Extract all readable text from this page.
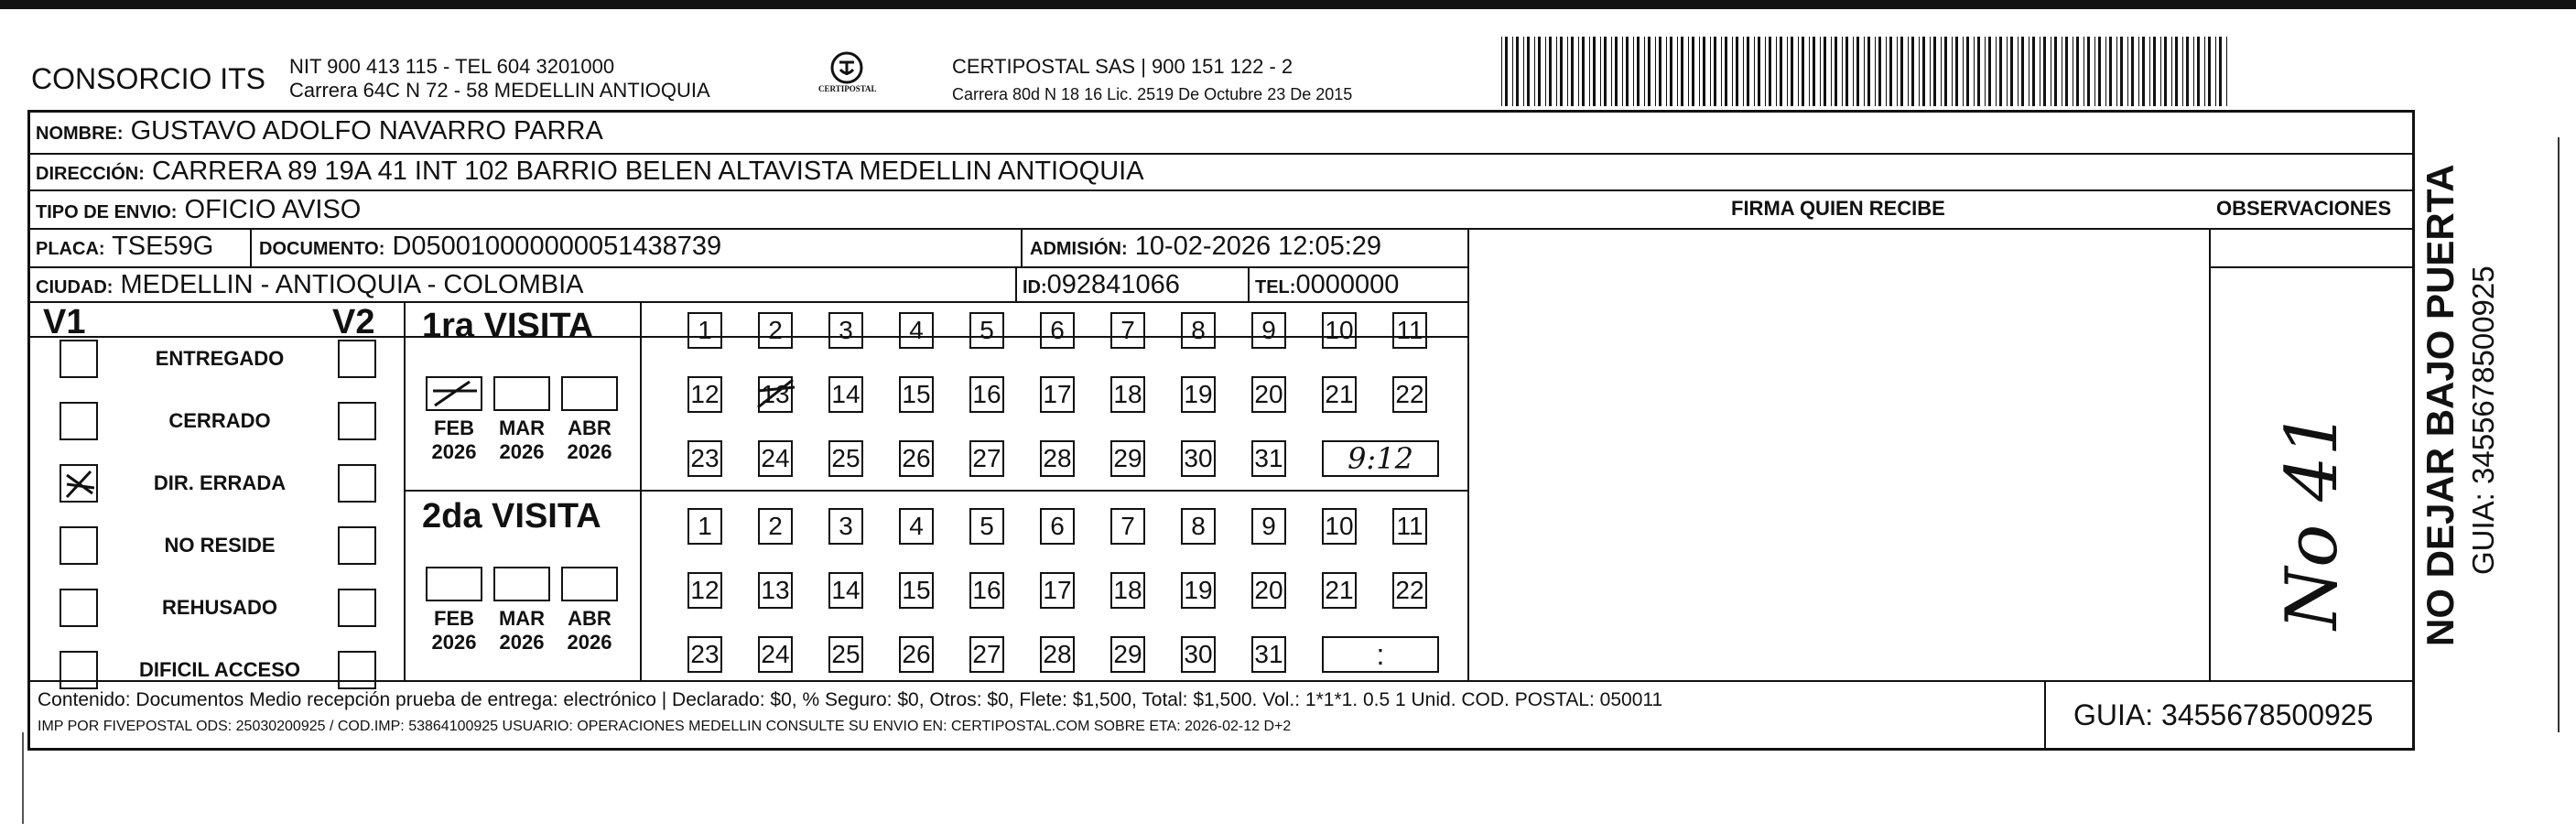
CONSORCIO ITS NIT 900 413 115 - TEL 604 3201000
Carrera 64C N 72 - 58 MEDELLIN ANTIOQUIA	CERTIPOSTAL
CERTIPOSTAL SAS | 900 151 122 - 2
Carrera 80d N 18 16 Lic. 2519 De Octubre 23 De 2015
NOMBRE: GUSTAVO ADOLFO NAVARRO PARRA
DIRECCIÓN: CARRERA 89 19A 41 INT 102 BARRIO BELEN ALTAVISTA MEDELLIN ANTIOQUIA
TIPO DE ENVIO: OFICIO AVISO
PLACA: TSE59G DOCUMENTO: D050010000000051438739	ADMISIÓN: 10-02-2026 12:05:29
CIUDAD: MEDELLIN - ANTIOQUIA - COLOMBIA	ID:092841066	TEL:0000000
FIRMA QUIEN RECIBE	OBSERVACIONES
V1	V2
ENTREGADO
CERRADO
DIR. ERRADA
NO RESIDE
REHUSADO
DIFICIL ACCESO
1ra VISITA
2da VISITA
FEB
2026
MAR
2026
ABR
2026
FEB
2026
MAR
2026
ABR
2026
1	2	3	4	5	6	7	8	9	10 11
12 13 14 15 16 17 18 19 20 21 22
23 24 25 26 27 28 29 30 31	9:12
1	2	3	4	5	6	7	8	9	10 11
12 13 14 15 16 17 18 19 20 21 22
23 24 25 26 27 28 29 30 31	:
No 41
Contenido: Documentos Medio recepción prueba de entrega: electrónico | Declarado: $0, % Seguro: $0, Otros: $0, Flete: $1,500, Total: $1,500. Vol.: 1*1*1. 0.5 1 Unid. COD. POSTAL: 050011
IMP POR FIVEPOSTAL ODS: 25030200925 / COD.IMP: 53864100925 USUARIO: OPERACIONES MEDELLIN CONSULTE SU ENVIO EN: CERTIPOSTAL.COM SOBRE ETA: 2026-02-12 D+2	GUIA: 3455678500925
NO DEJAR BAJO PUERTA GUIA: 3455678500925
